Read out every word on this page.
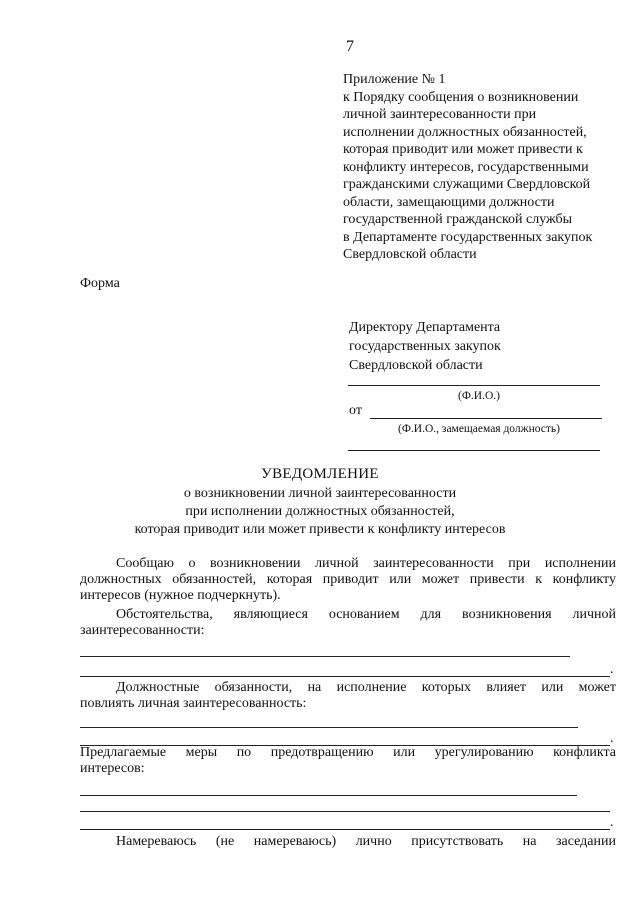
7
Приложение № 1
к Порядку сообщения о возникновении
личной заинтересованности при
исполнении должностных обязанностей,
которая приводит или может привести к
конфликту интересов, государственными
гражданскими служащими Свердловской
области, замещающими должности
государственной гражданской службы
в Департаменте государственных закупок
Свердловской области
Форма
Директору Департамента
государственных закупок
Свердловской области
(Ф.И.О.)
от
(Ф.И.О., замещаемая должность)
УВЕДОМЛЕНИЕ
о возникновении личной заинтересованности
при исполнении должностных обязанностей,
которая приводит или может привести к конфликту интересов
Сообщаю о возникновении личной заинтересованности при исполнении
должностных обязанностей, которая приводит или может привести к конфликту
интересов (нужное подчеркнуть).
Обстоятельства, являющиеся основанием для возникновения личной
заинтересованности:
.
Должностные обязанности, на исполнение которых влияет или может
повлиять личная заинтересованность:
.
Предлагаемые меры по предотвращению или урегулированию конфликта
интересов:
.
Намереваюсь (не намереваюсь) лично присутствовать на заседании
